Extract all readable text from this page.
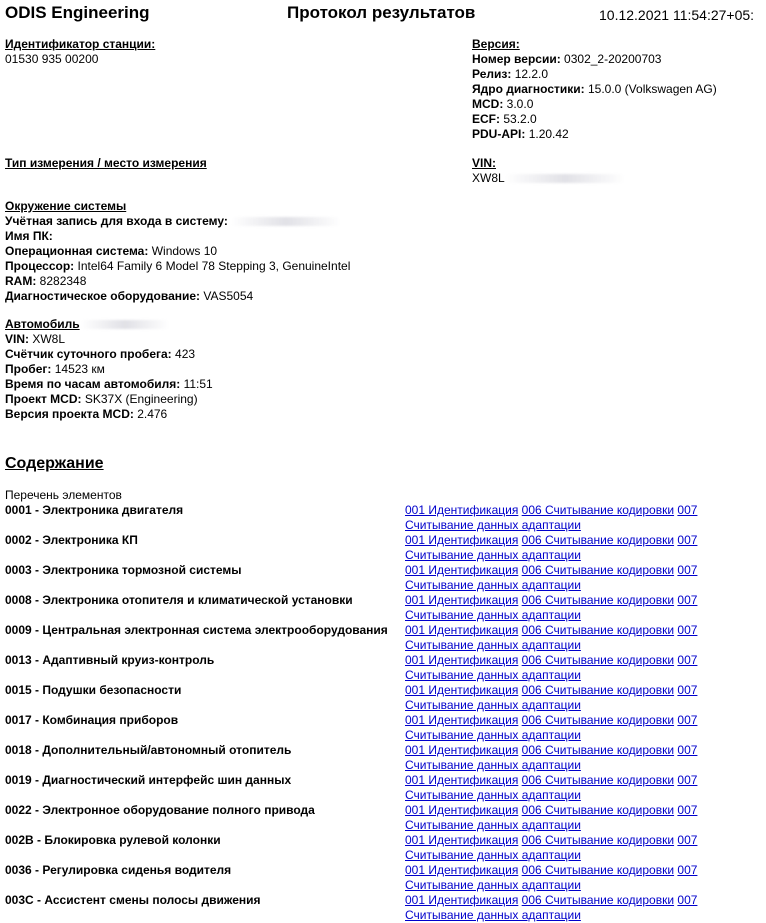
ODIS Engineering	Протокол результатов	10.12.2021 11:54:27+05:
Идентификатор станции:
01530 935 00200
Версия:
Номер версии: 0302_2-20200703
Релиз: 12.2.0
Ядро диагностики: 15.0.0 (Volkswagen AG)
MCD: 3.0.0
ECF: 53.2.0
PDU-API: 1.20.42
Тип измерения / место измерения	VIN:
XW8L
Окружение системы
Учётная запись для входа в систему:
Имя ПК:
Операционная система: Windows 10
Процессор: Intel64 Family 6 Model 78 Stepping 3, GenuineIntel
RAM: 8282348
Диагностическое оборудование: VAS5054
Автомобиль
VIN: XW8L
Счётчик суточного пробега: 423
Пробег: 14523 км
Время по часам автомобиля: 11:51
Проект MCD: SK37X (Engineering)
Версия проекта MCD: 2.476
Содержание
Перечень элементов
0001 - Электроника двигателя	001 Идентификация 006 Считывание кодировки 007 Считывание данных адаптации
0002 - Электроника КП	001 Идентификация 006 Считывание кодировки 007 Считывание данных адаптации
0003 - Электроника тормозной системы	001 Идентификация 006 Считывание кодировки 007 Считывание данных адаптации
0008 - Электроника отопителя и климатической установки	001 Идентификация 006 Считывание кодировки 007 Считывание данных адаптации
0009 - Центральная электронная система электрооборудования	001 Идентификация 006 Считывание кодировки 007 Считывание данных адаптации
0013 - Адаптивный круиз-контроль	001 Идентификация 006 Считывание кодировки 007 Считывание данных адаптации
0015 - Подушки безопасности	001 Идентификация 006 Считывание кодировки 007 Считывание данных адаптации
0017 - Комбинация приборов	001 Идентификация 006 Считывание кодировки 007 Считывание данных адаптации
0018 - Дополнительный/автономный отопитель	001 Идентификация 006 Считывание кодировки 007 Считывание данных адаптации
0019 - Диагностический интерфейс шин данных	001 Идентификация 006 Считывание кодировки 007 Считывание данных адаптации
0022 - Электронное оборудование полного привода	001 Идентификация 006 Считывание кодировки 007 Считывание данных адаптации
002B - Блокировка рулевой колонки	001 Идентификация 006 Считывание кодировки 007 Считывание данных адаптации
0036 - Регулировка сиденья водителя	001 Идентификация 006 Считывание кодировки 007 Считывание данных адаптации
003C - Ассистент смены полосы движения	001 Идентификация 006 Считывание кодировки 007 Считывание данных адаптации
